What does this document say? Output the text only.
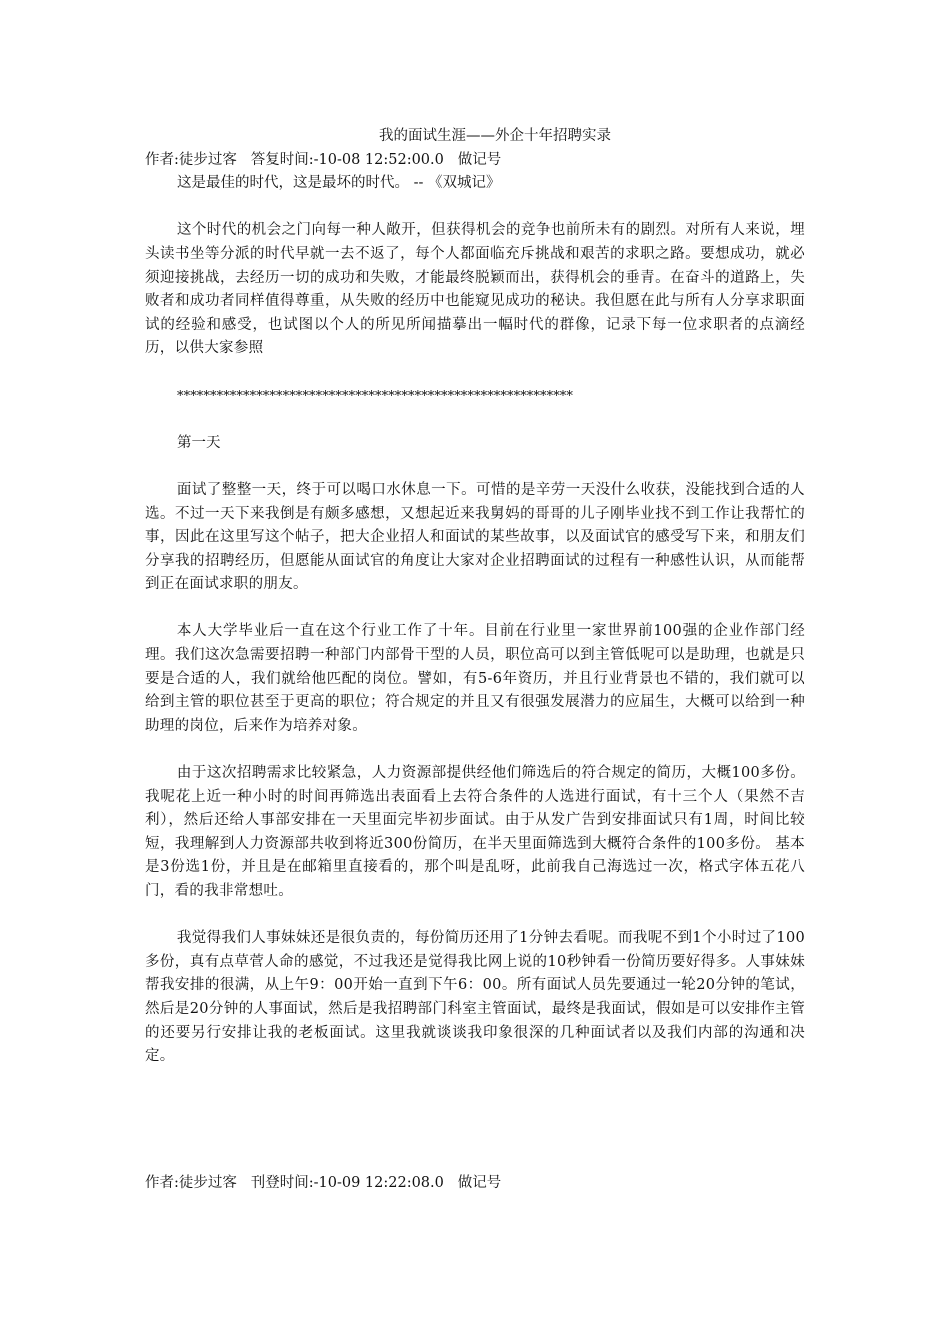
我的面试生涯——外企十年招聘实录

作者:徒步过客   答复时间:-10-08 12:52:00.0   做记号

这是最佳的时代，这是最坏的时代。 -- 《双城记》

这个时代的机会之门向每一种人敞开，但获得机会的竞争也前所未有的剧烈。对所有人来说，埋头读书坐等分派的时代早就一去不返了，每个人都面临充斥挑战和艰苦的求职之路。要想成功，就必须迎接挑战，去经历一切的成功和失败，才能最终脱颖而出，获得机会的垂青。在奋斗的道路上，失败者和成功者同样值得尊重，从失败的经历中也能窥见成功的秘诀。我但愿在此与所有人分享求职面试的经验和感受，也试图以个人的所见所闻描摹出一幅时代的群像，记录下每一位求职者的点滴经历，以供大家参照

************************************************************

第一天

面试了整整一天，终于可以喝口水休息一下。可惜的是辛劳一天没什么收获，没能找到合适的人选。不过一天下来我倒是有颇多感想，又想起近来我舅妈的哥哥的儿子刚毕业找不到工作让我帮忙的事，因此在这里写这个帖子，把大企业招人和面试的某些故事，以及面试官的感受写下来，和朋友们分享我的招聘经历，但愿能从面试官的角度让大家对企业招聘面试的过程有一种感性认识，从而能帮到正在面试求职的朋友。

本人大学毕业后一直在这个行业工作了十年。目前在行业里一家世界前100强的企业作部门经理。我们这次急需要招聘一种部门内部骨干型的人员，职位高可以到主管低呢可以是助理，也就是只要是合适的人，我们就给他匹配的岗位。譬如，有5-6年资历，并且行业背景也不错的，我们就可以给到主管的职位甚至于更高的职位；符合规定的并且又有很强发展潜力的应届生，大概可以给到一种助理的岗位，后来作为培养对象。

由于这次招聘需求比较紧急，人力资源部提供经他们筛选后的符合规定的简历，大概100多份。我呢花上近一种小时的时间再筛选出表面看上去符合条件的人选进行面试，有十三个人（果然不吉利），然后还给人事部安排在一天里面完毕初步面试。由于从发广告到安排面试只有1周，时间比较短，我理解到人力资源部共收到将近300份简历，在半天里面筛选到大概符合条件的100多份。 基本是3份选1份，并且是在邮箱里直接看的，那个叫是乱呀，此前我自己海选过一次，格式字体五花八门，看的我非常想吐。

我觉得我们人事妹妹还是很负责的，每份简历还用了1分钟去看呢。而我呢不到1个小时过了100多份，真有点草菅人命的感觉，不过我还是觉得我比网上说的10秒钟看一份简历要好得多。人事妹妹帮我安排的很满，从上午9：00开始一直到下午6：00。所有面试人员先要通过一轮20分钟的笔试，然后是20分钟的人事面试，然后是我招聘部门科室主管面试，最终是我面试，假如是可以安排作主管的还要另行安排让我的老板面试。这里我就谈谈我印象很深的几种面试者以及我们内部的沟通和决定。

作者:徒步过客   刊登时间:-10-09 12:22:08.0   做记号
